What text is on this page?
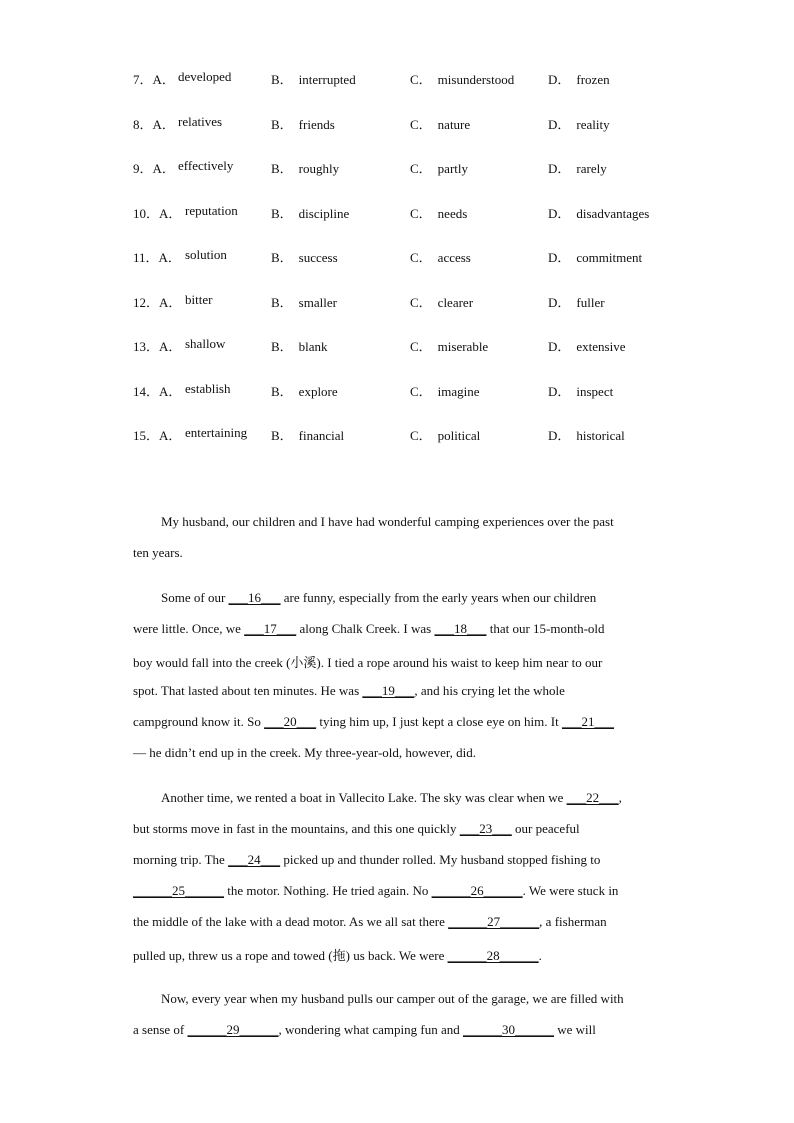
7．A． developed	B． interrupted	C． misunderstood	D． frozen
8．A． relatives	B． friends	C． nature	D． reality
9．A． effectively	B． roughly	C． partly	D． rarely
10．A． reputation	B． discipline	C． needs	D． disadvantages
11．A． solution	B． success	C． access	D． commitment
12．A． bitter	B． smaller	C． clearer	D． fuller
13．A． shallow	B． blank	C． miserable	D． extensive
14．A． establish	B． explore	C． imagine	D． inspect
15．A． entertaining B． financial	C． political	D． historical
My husband, our children and I have had wonderful camping experiences over the past
ten years.
Some of our ___16___ are funny, especially from the early years when our children
were little. Once, we ___17___ along Chalk Creek. I was ___18___ that our 15-month-old
boy would fall into the creek (小溪). I tied a rope around his waist to keep him near to our
spot. That lasted about ten minutes. He was ___19___, and his crying let the whole
campground know it. So ___20___ tying him up, I just kept a close eye on him. It ___21___
— he didn’t end up in the creek. My three-year-old, however, did.
Another time, we rented a boat in Vallecito Lake. The sky was clear when we ___22___,
but storms move in fast in the mountains, and this one quickly ___23___ our peaceful
morning trip. The ___24___ picked up and thunder rolled. My husband stopped fishing to
______25______ the motor. Nothing. He tried again. No ______26______. We were stuck in
the middle of the lake with a dead motor. As we all sat there ______27______, a fisherman
pulled up, threw us a rope and towed (拖) us back. We were ______28______.
Now, every year when my husband pulls our camper out of the garage, we are filled with
a sense of ______29______, wondering what camping fun and ______30______ we will
